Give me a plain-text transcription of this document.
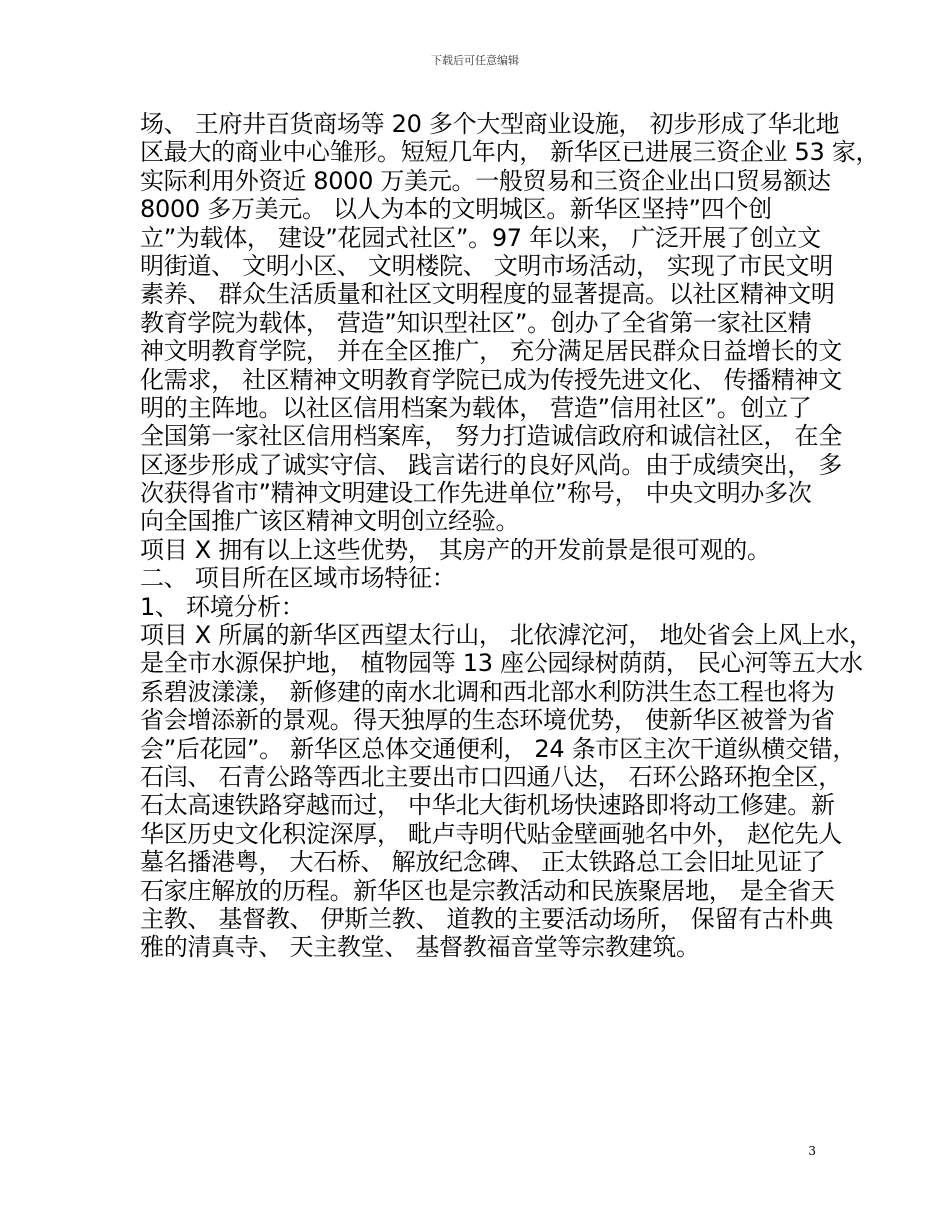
下载后可任意编辑
场、 王府井百货商场等 20 多个大型商业设施， 初步形成了华北地
区最大的商业中心雏形。短短几年内， 新华区已进展三资企业 53 家，
实际利用外资近 8000 万美元。一般贸易和三资企业出口贸易额达
8000 多万美元。 以人为本的文明城区。新华区坚持”四个创
立”为载体， 建设”花园式社区”。97 年以来， 广泛开展了创立文
明街道、 文明小区、 文明楼院、 文明市场活动， 实现了市民文明
素养、 群众生活质量和社区文明程度的显著提高。以社区精神文明
教育学院为载体， 营造”知识型社区”。创办了全省第一家社区精
神文明教育学院， 并在全区推广， 充分满足居民群众日益增长的文
化需求， 社区精神文明教育学院已成为传授先进文化、 传播精神文
明的主阵地。以社区信用档案为载体， 营造”信用社区”。创立了
全国第一家社区信用档案库， 努力打造诚信政府和诚信社区， 在全
区逐步形成了诚实守信、 践言诺行的良好风尚。由于成绩突出， 多
次获得省市”精神文明建设工作先进单位”称号， 中央文明办多次
向全国推广该区精神文明创立经验。
项目 X 拥有以上这些优势， 其房产的开发前景是很可观的。
二、 项目所在区域市场特征：
1、 环境分析：
项目 X 所属的新华区西望太行山， 北依滹沱河， 地处省会上风上水，
是全市水源保护地， 植物园等 13 座公园绿树荫荫， 民心河等五大水
系碧波漾漾， 新修建的南水北调和西北部水利防洪生态工程也将为
省会增添新的景观。得天独厚的生态环境优势， 使新华区被誉为省
会”后花园”。 新华区总体交通便利， 24 条市区主次干道纵横交错，
石闫、 石青公路等西北主要出市口四通八达， 石环公路环抱全区，
石太高速铁路穿越而过， 中华北大街机场快速路即将动工修建。新
华区历史文化积淀深厚， 毗卢寺明代贴金壁画驰名中外， 赵佗先人
墓名播港粤， 大石桥、 解放纪念碑、 正太铁路总工会旧址见证了
石家庄解放的历程。新华区也是宗教活动和民族聚居地， 是全省天
主教、 基督教、 伊斯兰教、 道教的主要活动场所， 保留有古朴典
雅的清真寺、 天主教堂、 基督教福音堂等宗教建筑。
3
